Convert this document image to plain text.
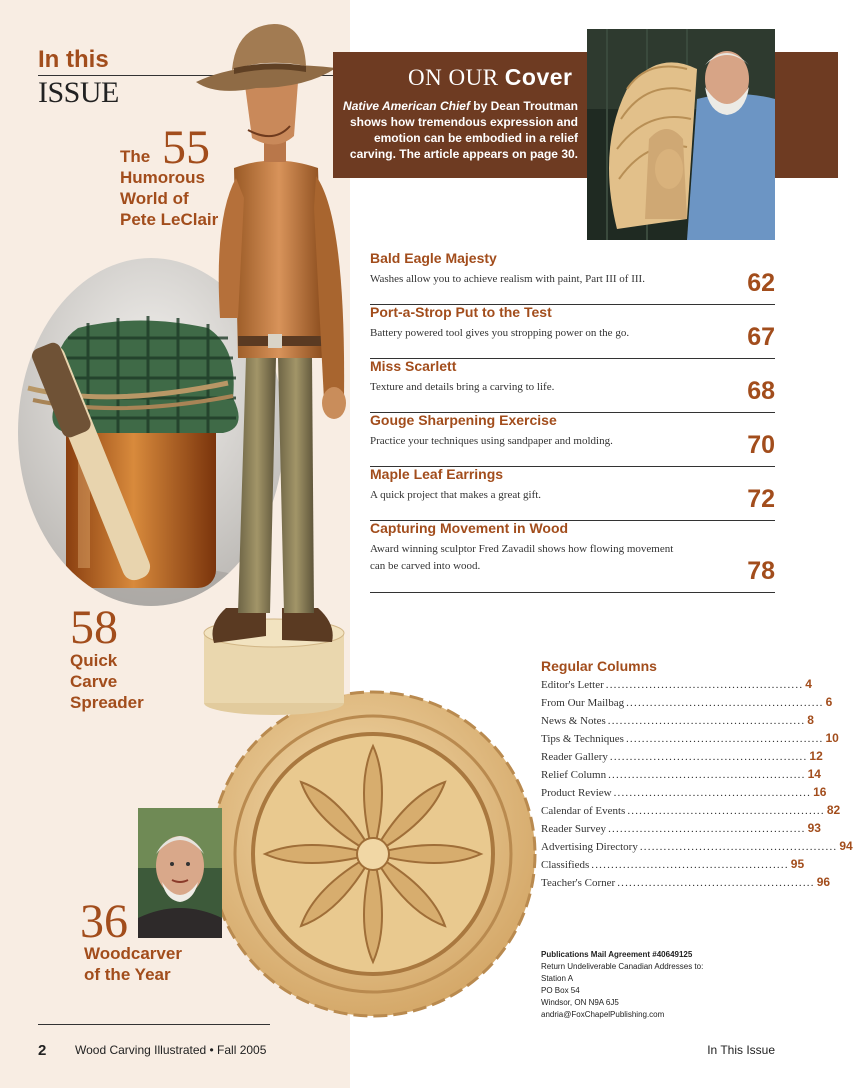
In this
ISSUE
55
The
Humorous
World of
Pete LeClair
58
Quick
Carve
Spreader
36
Woodcarver
of the Year
ON OUR Cover
Native American Chief by Dean Troutman shows how tremendous expression and emotion can be embodied in a relief carving. The article appears on page 30.
Bald Eagle Majesty
Washes allow you to achieve realism with paint, Part III of III.	62
Port-a-Strop Put to the Test
Battery powered tool gives you stropping power on the go.	67
Miss Scarlett
Texture and details bring a carving to life.	68
Gouge Sharpening Exercise
Practice your techniques using sandpaper and molding.	70
Maple Leaf Earrings
A quick project that makes a great gift.	72
Capturing Movement in Wood
Award winning sculptor Fred Zavadil shows how flowing movement can be carved into wood.	78
Regular Columns
Editor's Letter .................................................. 4
From Our Mailbag .................................................. 6
News & Notes .................................................. 8
Tips & Techniques .................................................. 10
Reader Gallery .................................................. 12
Relief Column .................................................. 14
Product Review .................................................. 16
Calendar of Events .................................................. 82
Reader Survey .................................................. 93
Advertising Directory .................................................. 94
Classifieds .................................................. 95
Teacher's Corner .................................................. 96
Publications Mail Agreement #40649125
Return Undeliverable Canadian Addresses to:
Station A
PO Box 54
Windsor, ON N9A 6J5
andria@FoxChapelPublishing.com
2 Wood Carving Illustrated • Fall 2005	In This Issue
